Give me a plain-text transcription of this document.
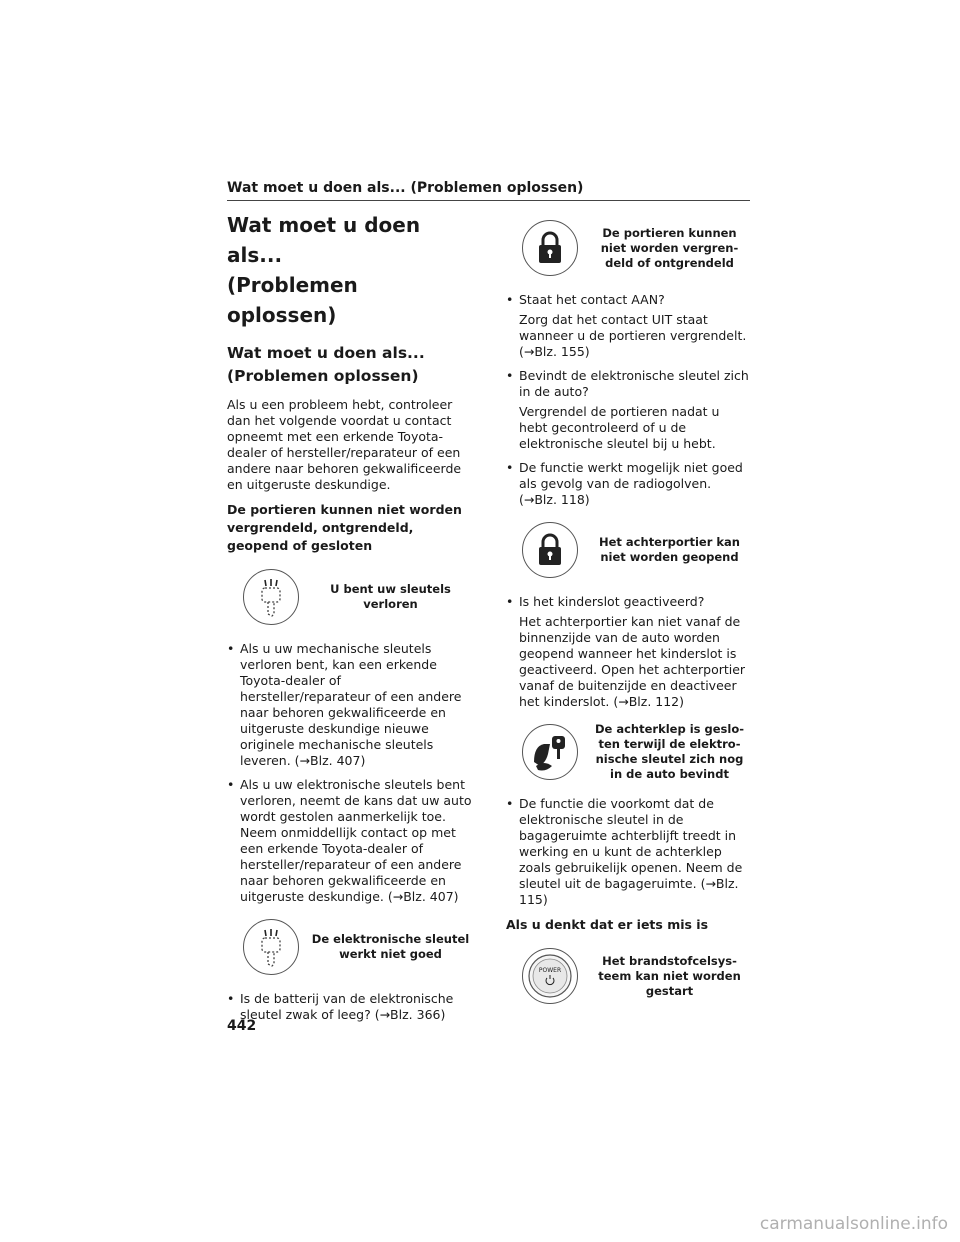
Wat moet u doen als... (Problemen oplossen)
Wat moet u doen als...
(Problemen oplossen)
Wat moet u doen als...
(Problemen oplossen)

Als u een probleem hebt, controleer dan het volgende voordat u contact opneemt met een erkende Toyota-dealer of hersteller/reparateur of een andere naar behoren gekwalificeerde en uitgeruste deskundige.

De portieren kunnen niet worden vergrendeld, ontgrendeld, geopend of gesloten
U bent uw sleutels verloren
• Als u uw mechanische sleutels verloren bent, kan een erkende Toyota-dealer of hersteller/reparateur of een andere naar behoren gekwalificeerde en uitgeruste deskundige nieuwe originele mechanische sleutels leveren. (→Blz. 407)
• Als u uw elektronische sleutels bent verloren, neemt de kans dat uw auto wordt gestolen aanmerkelijk toe. Neem onmiddellijk contact op met een erkende Toyota-dealer of hersteller/reparateur of een andere naar behoren gekwalificeerde en uitgeruste deskundige. (→Blz. 407)
De elektronische sleutel werkt niet goed
• Is de batterij van de elektronische sleutel zwak of leeg? (→Blz. 366)
De portieren kunnen niet worden vergren-deld of ontgrendeld
• Staat het contact AAN?
Zorg dat het contact UIT staat wanneer u de portieren vergrendelt. (→Blz. 155)
• Bevindt de elektronische sleutel zich in de auto?
Vergrendel de portieren nadat u hebt gecontroleerd of u de elektronische sleutel bij u hebt.
• De functie werkt mogelijk niet goed als gevolg van de radiogolven. (→Blz. 118)
Het achterportier kan niet worden geopend
• Is het kinderslot geactiveerd?
Het achterportier kan niet vanaf de binnenzijde van de auto worden geopend wanneer het kinderslot is geactiveerd. Open het achterportier vanaf de buitenzijde en deactiveer het kinderslot. (→Blz. 112)
De achterklep is geslo-ten terwijl de elektro-nische sleutel zich nog in de auto bevindt
• De functie die voorkomt dat de elektronische sleutel in de bagageruimte achterblijft treedt in werking en u kunt de achterklep zoals gebruikelijk openen. Neem de sleutel uit de bagageruimte. (→Blz. 115)
Als u denkt dat er iets mis is
POWER
Het brandstofcelsys-teem kan niet worden gestart
442
carmanualsonline.info
